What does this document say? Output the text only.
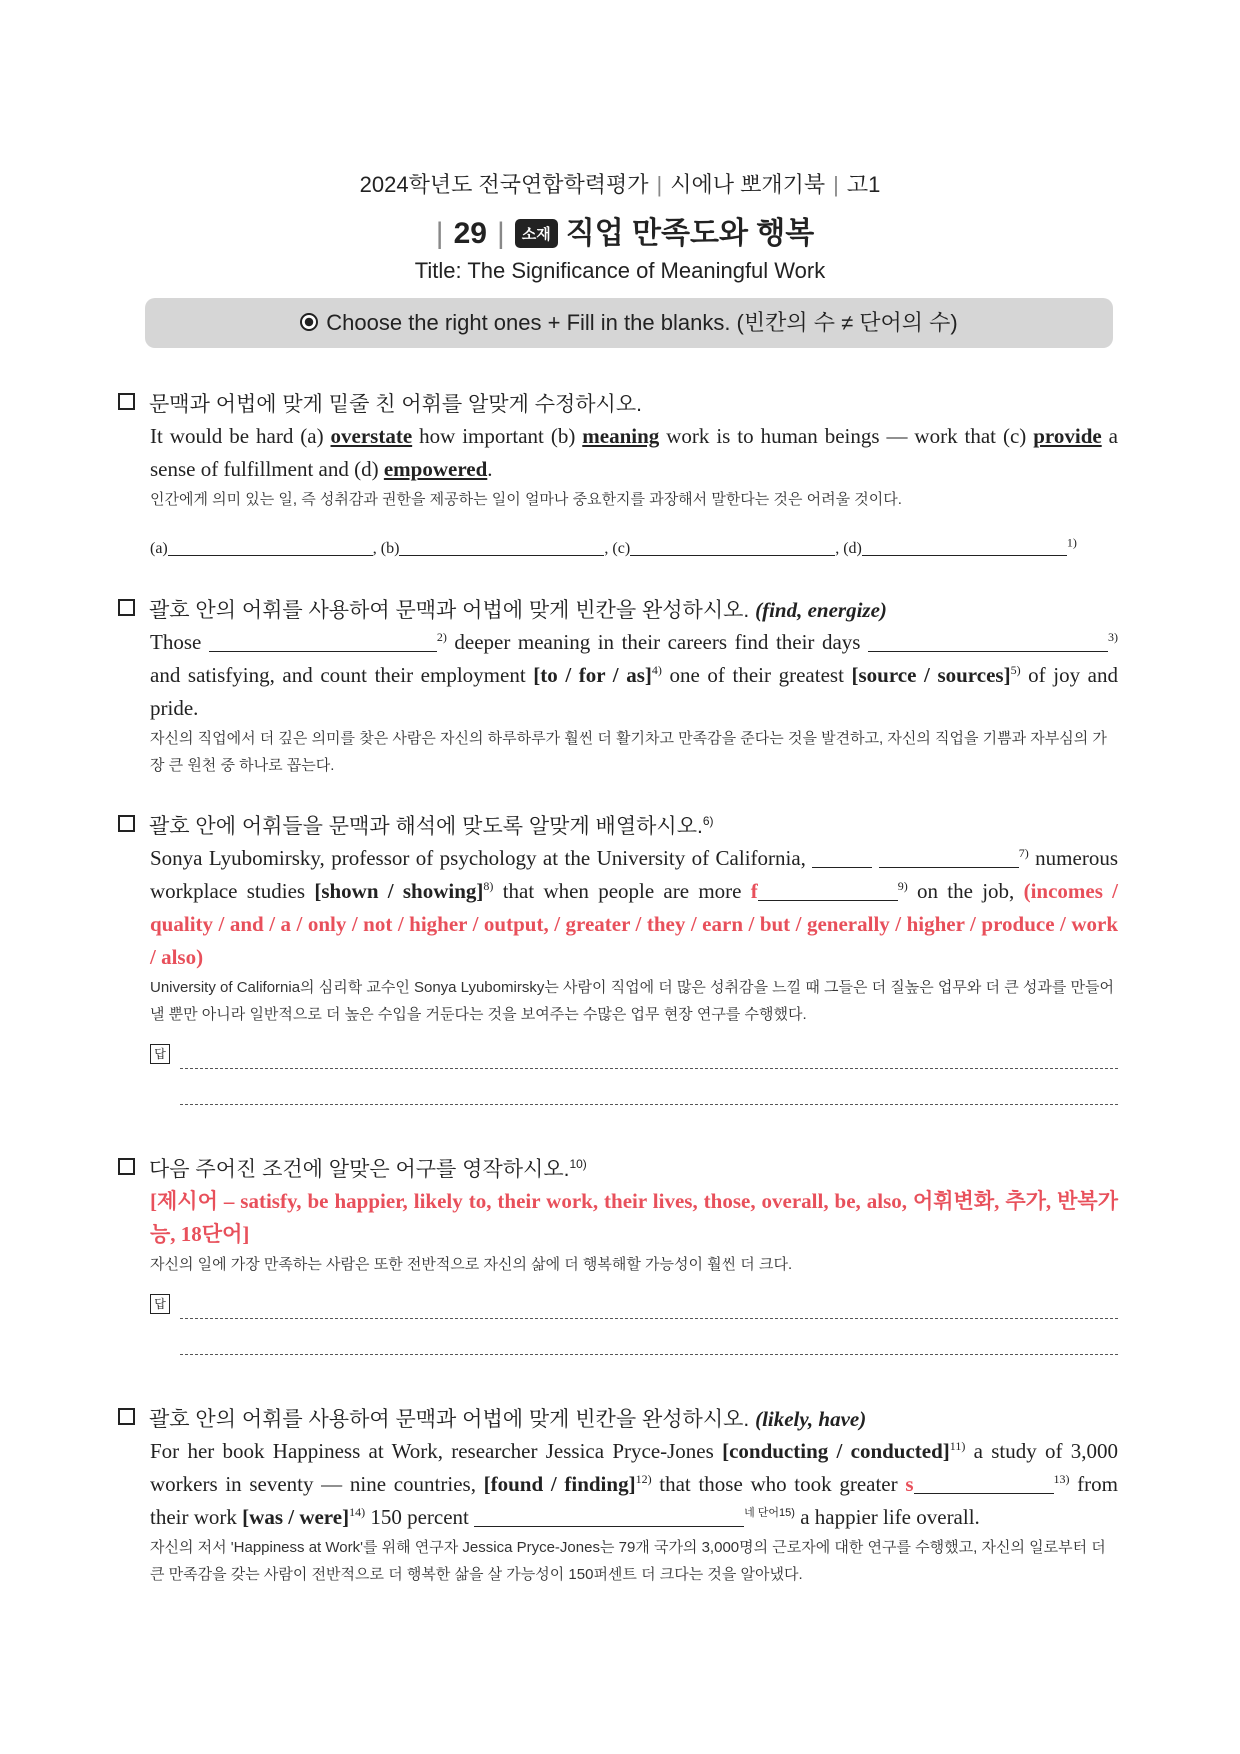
2024학년도 전국연합학력평가 | 시에나 뽀개기북 | 고1
| 29 | 소재 직업 만족도와 행복
Title: The Significance of Meaningful Work
Choose the right ones + Fill in the blanks. (빈칸의 수 ≠ 단어의 수)
문맥과 어법에 맞게 밑줄 친 어휘를 알맞게 수정하시오.
It would be hard (a) overstate how important (b) meaning work is to human beings — work that (c) provide a sense of fulfillment and (d) empowered.
인간에게 의미 있는 일, 즉 성취감과 권한을 제공하는 일이 얼마나 중요한지를 과장해서 말한다는 것은 어려울 것이다.
(a)	, (b)	, (c)	, (d)	$^{1)}$
괄호 안의 어휘를 사용하여 문맥과 어법에 맞게 빈칸을 완성하시오. (find, energize)
Those	$^{2)}$ deeper meaning in their careers find their days	$^{3)}$ and satisfying, and count their employment [to / for / as]$^{4)}$ one of their greatest [source / sources]$^{5)}$ of joy and pride.
자신의 직업에서 더 깊은 의미를 찾은 사람은 자신의 하루하루가 훨씬 더 활기차고 만족감을 준다는 것을 발견하고, 자신의 직업을 기쁨과 자부심의 가장 큰 원천 중 하나로 꼽는다.
괄호 안에 어휘들을 문맥과 해석에 맞도록 알맞게 배열하시오.$^{6)}$
Sonya Lyubomirsky, professor of psychology at the University of California,	$^{7)}$ numerous workplace studies [shown / showing]$^{8)}$ that when people are more f	$^{9)}$ on the job, (incomes / quality / and / a / only / not / higher / output, / greater / they / earn / but / generally / higher / produce / work / also)
University of California의 심리학 교수인 Sonya Lyubomirsky는 사람이 직업에 더 많은 성취감을 느낄 때 그들은 더 질높은 업무와 더 큰 성과를 만들어 낼 뿐만 아니라 일반적으로 더 높은 수입을 거둔다는 것을 보여주는 수많은 업무 현장 연구를 수행했다.
답
다음 주어진 조건에 알맞은 어구를 영작하시오.$^{10)}$
[제시어 – satisfy, be happier, likely to, their work, their lives, those, overall, be, also, 어휘변화, 추가, 반복가능, 18단어]
자신의 일에 가장 만족하는 사람은 또한 전반적으로 자신의 삶에 더 행복해할 가능성이 훨씬 더 크다.
답
괄호 안의 어휘를 사용하여 문맥과 어법에 맞게 빈칸을 완성하시오. (likely, have)
For her book Happiness at Work, researcher Jessica Pryce-Jones [conducting / conducted]$^{11)}$ a study of 3,000 workers in seventy — nine countries, [found / finding]$^{12)}$ that those who took greater s	$^{13)}$ from their work [was / were]$^{14)}$ 150 percent	$^{네 단어15)}$ a happier life overall.
자신의 저서 'Happiness at Work'를 위해 연구자 Jessica Pryce-Jones는 79개 국가의 3,000명의 근로자에 대한 연구를 수행했고, 자신의 일로부터 더 큰 만족감을 갖는 사람이 전반적으로 더 행복한 삶을 살 가능성이 150퍼센트 더 크다는 것을 알아냈다.
